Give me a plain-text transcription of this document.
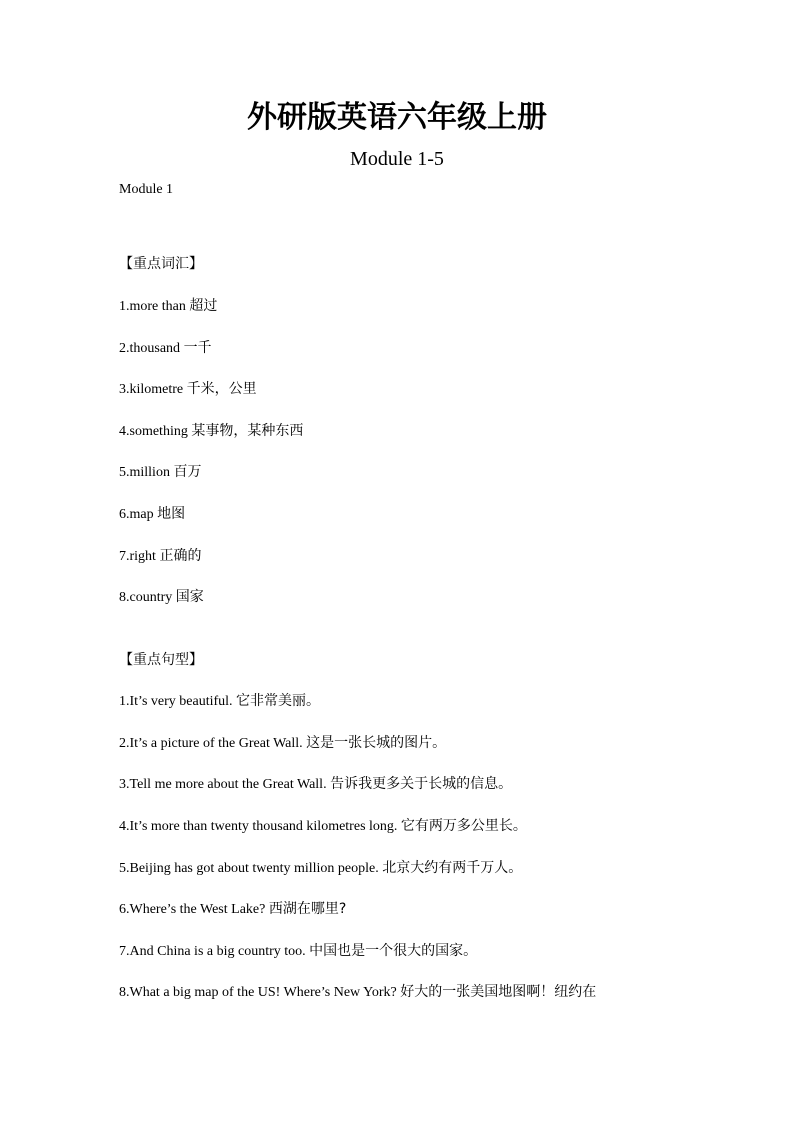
外研版英语六年级上册
Module 1-5
Module 1
【重点词汇】
1.more than 超过
2.thousand 一千
3.kilometre 千米，公里
4.something 某事物，某种东西
5.million 百万
6.map 地图
7.right 正确的
8.country 国家
【重点句型】
1.It’s very beautiful. 它非常美丽。
2.It’s a picture of the Great Wall. 这是一张长城的图片。
3.Tell me more about the Great Wall. 告诉我更多关于长城的信息。
4.It’s more than twenty thousand kilometres long. 它有两万多公里长。
5.Beijing has got about twenty million people. 北京大约有两千万人。
6.Where’s the West Lake? 西湖在哪里?
7.And China is a big country too. 中国也是一个很大的国家。
8.What a big map of the US! Where’s New York? 好大的一张美国地图啊！纽约在
